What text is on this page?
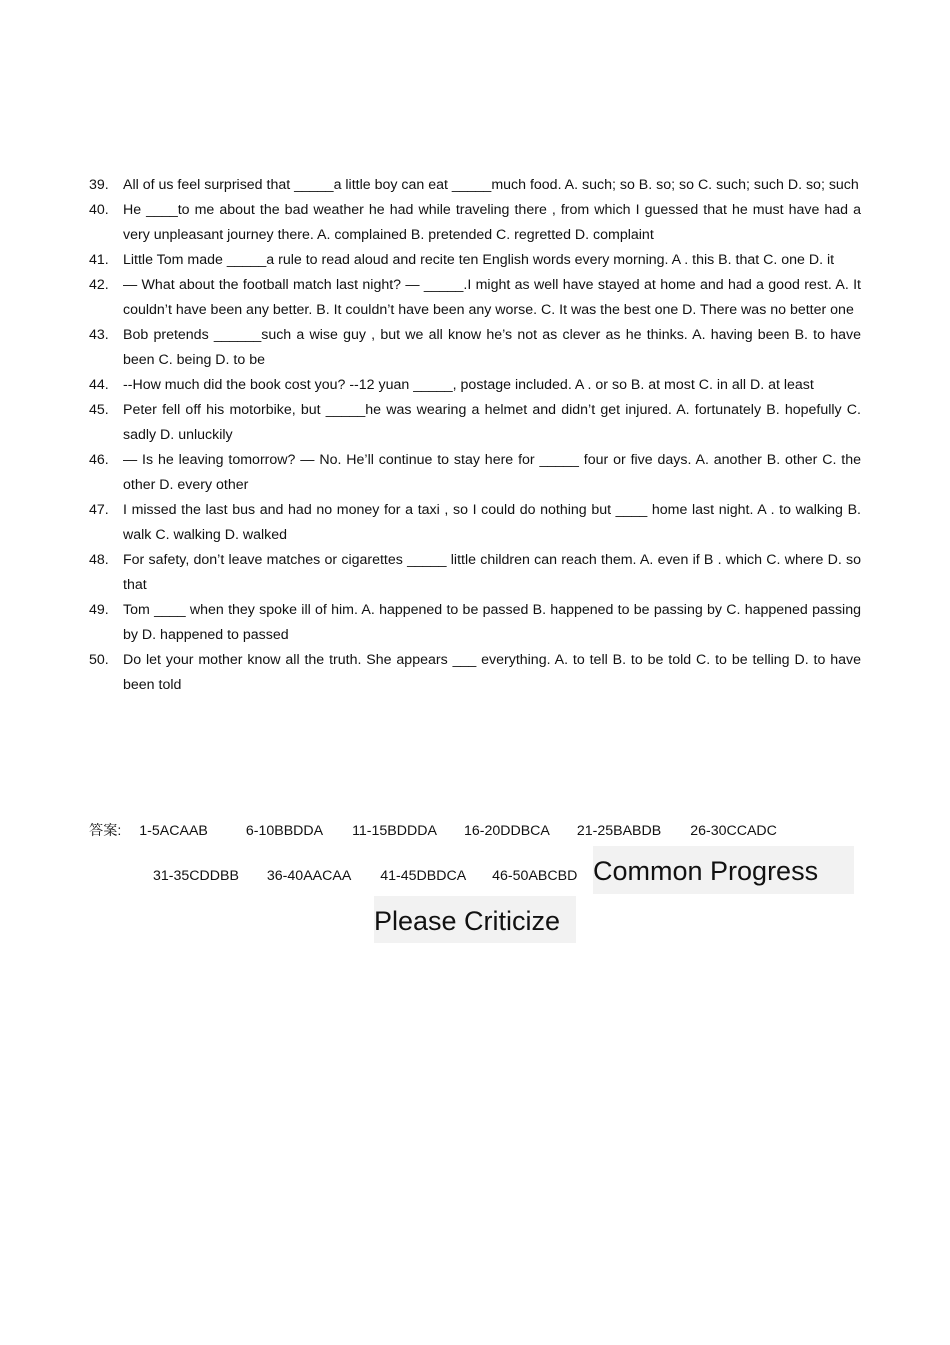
39.	All of us feel surprised that _____a little boy can eat _____much food. A. such; so B. so; so C. such; such D. so; such
40.	He ____to me about the bad weather he had while traveling there , from which I guessed that he must have had a very unpleasant journey there. A. complained B. pretended C. regretted D. complaint
41.	Little Tom made _____a rule to read aloud and recite ten English words every morning. A . this B. that C. one D. it
42.	— What about the football match last night? — _____.I might as well have stayed at home and had a good rest. A. It couldn’t have been any better. B. It couldn’t have been any worse. C. It was the best one D. There was no better one
43.	Bob pretends ______such a wise guy , but we all know he’s not as clever as he thinks. A. having been B. to have been C. being D. to be
44.	--How much did the book cost you? --12 yuan _____, postage included. A . or so B. at most C. in all D. at least
45.	Peter fell off his motorbike, but _____he was wearing a helmet and didn’t get injured. A. fortunately B. hopefully C. sadly D. unluckily
46.	— Is he leaving tomorrow? — No. He’ll continue to stay here for _____ four or five days. A. another B. other C. the other D. every other
47.	I missed the last bus and had no money for a taxi , so I could do nothing but ____ home last night. A . to walking B. walk C. walking D. walked
48.	For safety, don’t leave matches or cigarettes _____ little children can reach them. A. even if B . which C. where D. so that
49.	Tom ____ when they spoke ill of him. A. happened to be passed B. happened to be passing by C. happened passing by D. happened to passed
50.	Do let your mother know all the truth. She appears ___ everything. A. to tell B. to be told C. to be telling D. to have been told
答案: 1-5ACAAB	6-10BBDDA 11-15BDDDA 16-20DDBCA 21-25BABDB 26-30CCADC
31-35CDDBB 36-40AACAA 41-45DBDCA 46-50ABCBD Common Progress
Please Criticize
